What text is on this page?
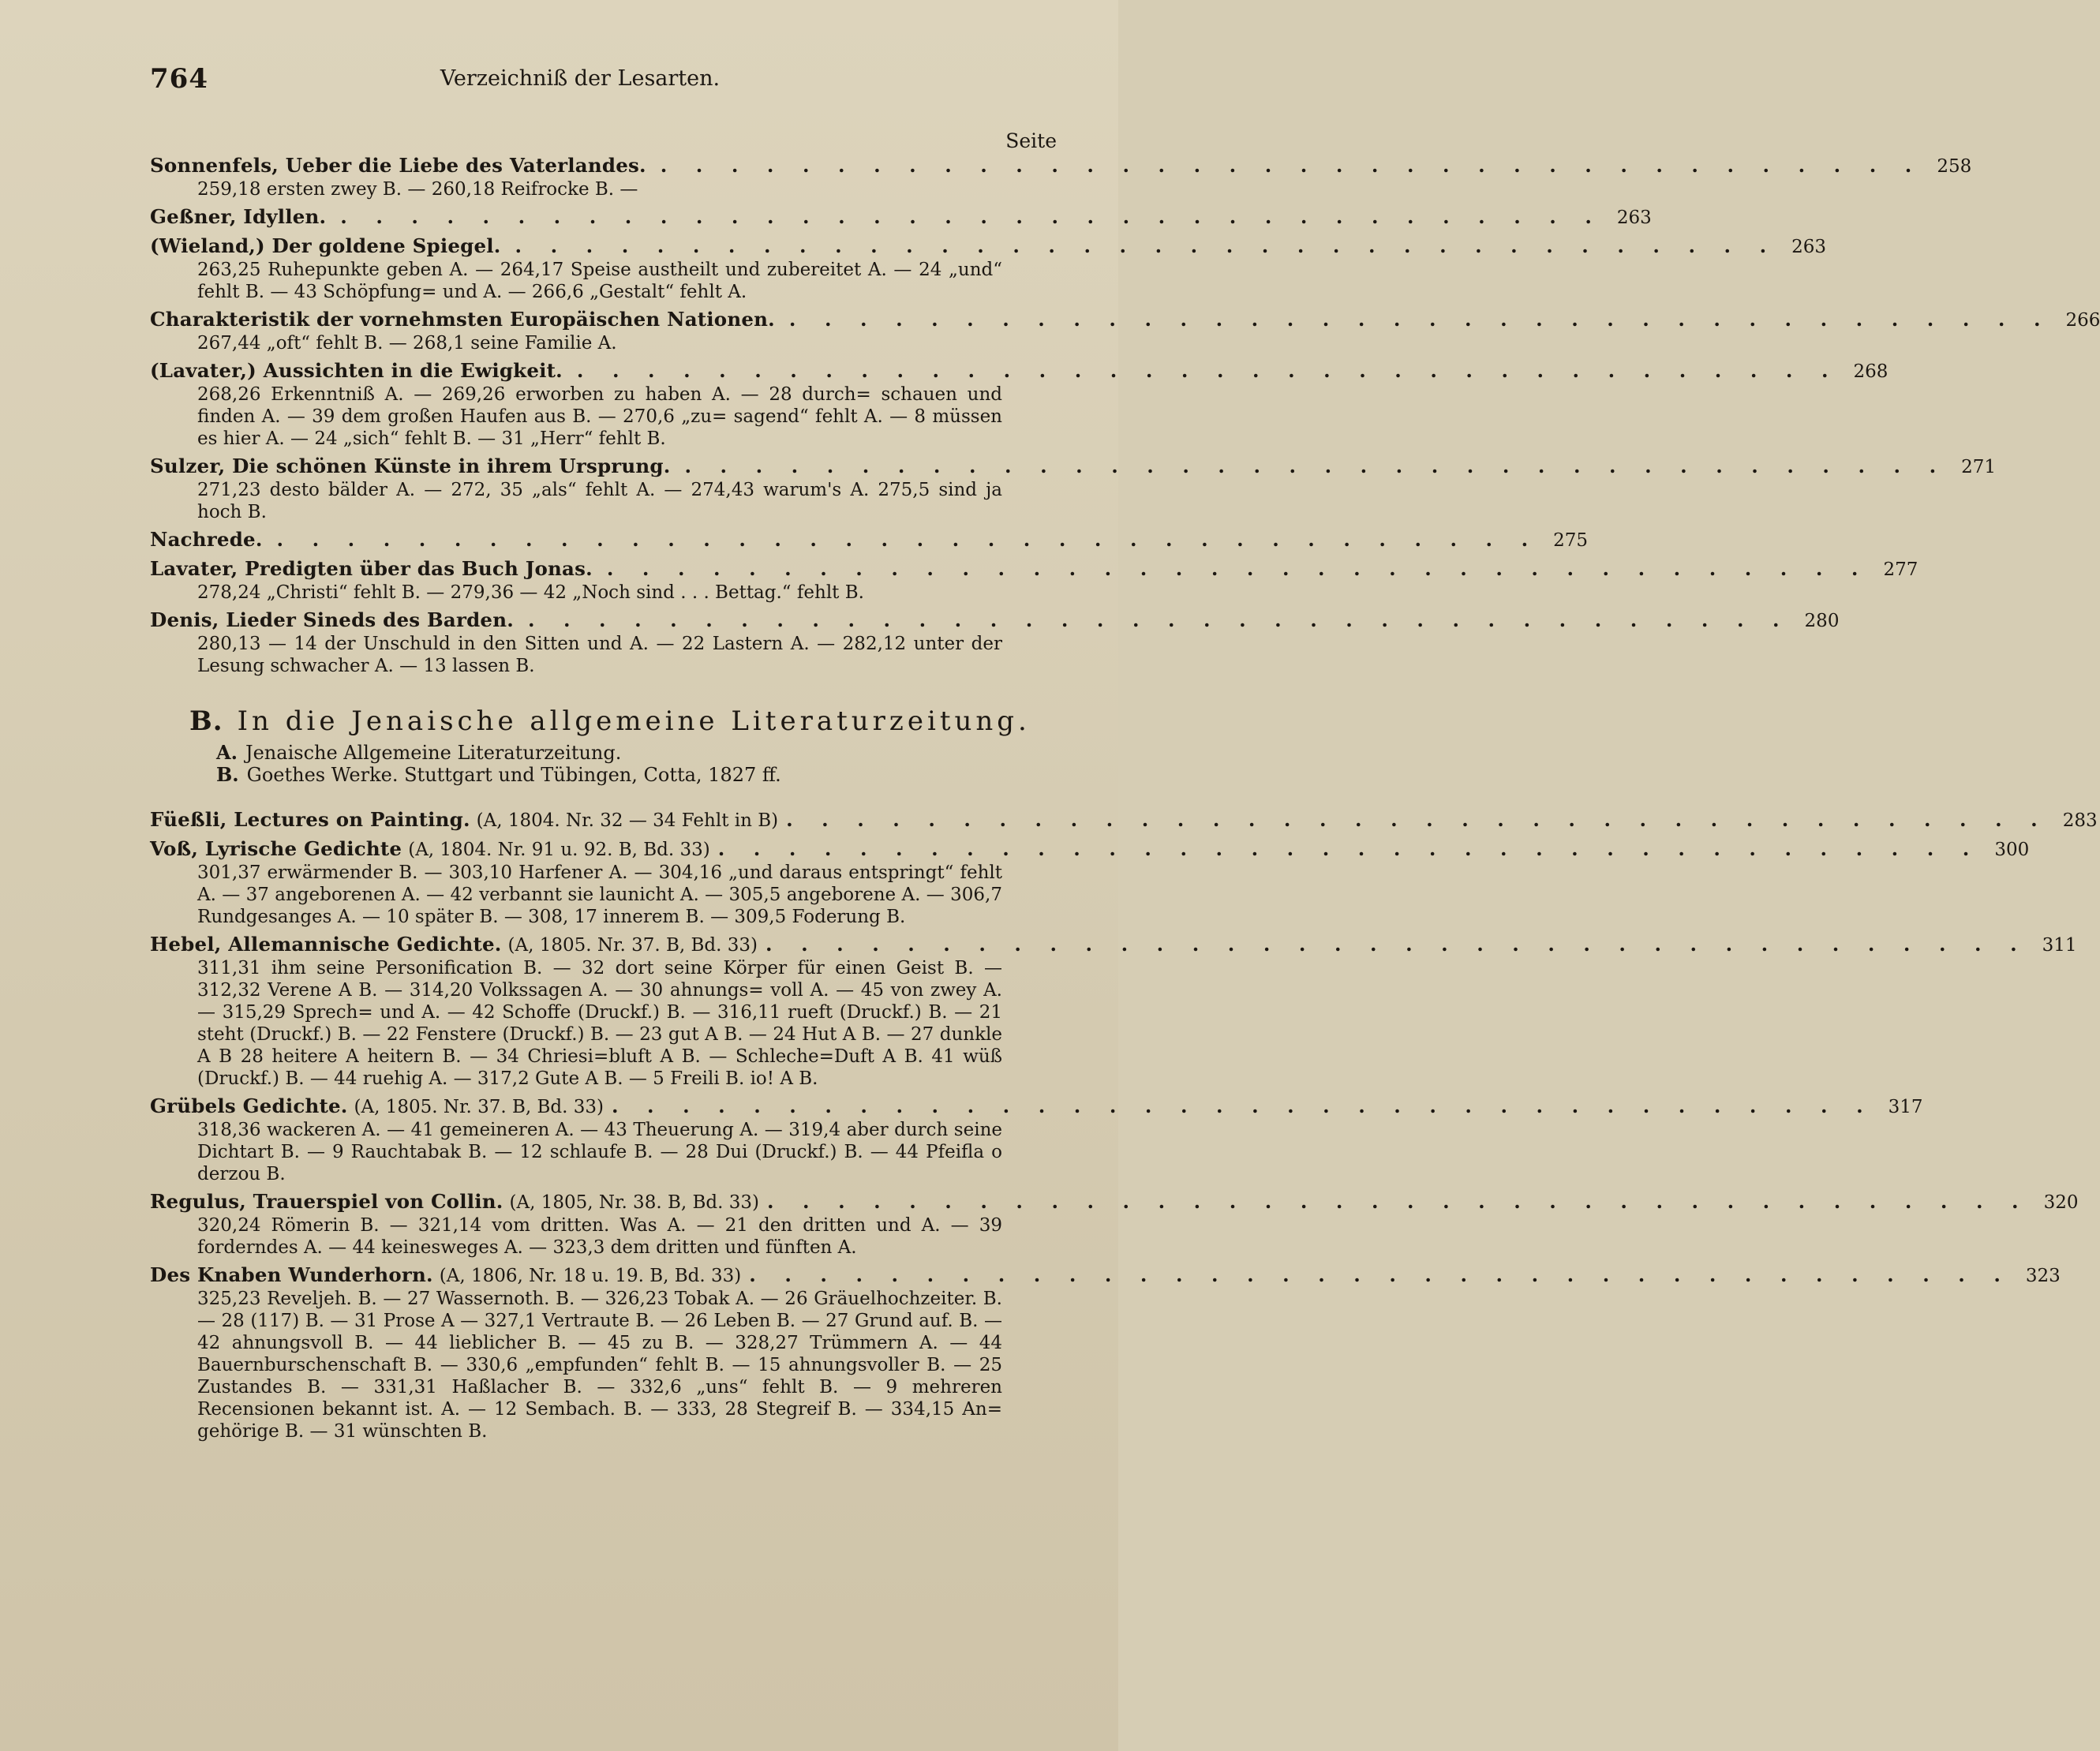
764	Verzeichniß der Lesarten.
Seite
Sonnenfels, Ueber die Liebe des Vaterlandes. . . . . . . . . . . . . . . . . . . . . . . . . . . . . . . . . . . . . 258
259,18 ersten zwey B. — 260,18 Reifrocke B. —
Geßner, Idyllen. . . . . . . . . . . . . . . . . . . . . . . . . . . . . . . . . . . . . 263
(Wieland,) Der goldene Spiegel. . . . . . . . . . . . . . . . . . . . . . . . . . . . . . . . . . . . . 263
263,25 Ruhepunkte geben A. — 264,17 Speise austheilt und zubereitet A. — 24 „und“ fehlt B. — 43 Schöpfung= und A. — 266,6 „Gestalt“ fehlt A.
Charakteristik der vornehmsten Europäischen Nationen. . . . . . . . . . . . . . . . . . . . . . . . . . . . . . . . . . . . . 266
267,44 „oft“ fehlt B. — 268,1 seine Familie A.
(Lavater,) Aussichten in die Ewigkeit. . . . . . . . . . . . . . . . . . . . . . . . . . . . . . . . . . . . . 268
268,26 Erkenntniß A. — 269,26 erworben zu haben A. — 28 durch= schauen und finden A. — 39 dem großen Haufen aus B. — 270,6 „zu= sagend“ fehlt A. — 8 müssen es hier A. — 24 „sich“ fehlt B. — 31 „Herr“ fehlt B.
Sulzer, Die schönen Künste in ihrem Ursprung. . . . . . . . . . . . . . . . . . . . . . . . . . . . . . . . . . . . . 271
271,23 desto bälder A. — 272, 35 „als“ fehlt A. — 274,43 warum's A. 275,5 sind ja hoch B.
Nachrede. . . . . . . . . . . . . . . . . . . . . . . . . . . . . . . . . . . . . 275
Lavater, Predigten über das Buch Jonas. . . . . . . . . . . . . . . . . . . . . . . . . . . . . . . . . . . . . 277
278,24 „Christi“ fehlt B. — 279,36 — 42 „Noch sind . . . Bettag.“ fehlt B.
Denis, Lieder Sineds des Barden. . . . . . . . . . . . . . . . . . . . . . . . . . . . . . . . . . . . . 280
280,13 — 14 der Unschuld in den Sitten und A. — 22 Lastern A. — 282,12 unter der Lesung schwacher A. — 13 lassen B.
B. In die Jenaische allgemeine Literaturzeitung.
A. Jenaische Allgemeine Literaturzeitung.
B. Goethes Werke. Stuttgart und Tübingen, Cotta, 1827 ff.
Füeßli, Lectures on Painting. (A, 1804. Nr. 32 — 34 Fehlt in B) . . . . . . . . . . . . . . . . . . . . . . . . . . . . . . . . . . . . 283
Voß, Lyrische Gedichte (A, 1804. Nr. 91 u. 92. B, Bd. 33) . . . . . . . . . . . . . . . . . . . . . . . . . . . . . . . . . . . . 300
301,37 erwärmender B. — 303,10 Harfener A. — 304,16 „und daraus entspringt“ fehlt A. — 37 angeborenen A. — 42 verbannt sie launicht A. — 305,5 angeborene A. — 306,7 Rundgesanges A. — 10 später B. — 308, 17 innerem B. — 309,5 Foderung B.
Hebel, Allemannische Gedichte. (A, 1805. Nr. 37. B, Bd. 33) . . . . . . . . . . . . . . . . . . . . . . . . . . . . . . . . . . . . 311
311,31 ihm seine Personification B. — 32 dort seine Körper für einen Geist B. — 312,32 Verene A B. — 314,20 Volkssagen A. — 30 ahnungs= voll A. — 45 von zwey A. — 315,29 Sprech= und A. — 42 Schoffe (Druckf.) B. — 316,11 rueft (Druckf.) B. — 21 steht (Druckf.) B. — 22 Fenstere (Druckf.) B. — 23 gut A B. — 24 Hut A B. — 27 dunkle A B 28 heitere A heitern B. — 34 Chriesi=bluft A B. — Schleche=Duft A B. 41 wüß (Druckf.) B. — 44 ruehig A. — 317,2 Gute A B. — 5 Freili B. io! A B.
Grübels Gedichte. (A, 1805. Nr. 37. B, Bd. 33) . . . . . . . . . . . . . . . . . . . . . . . . . . . . . . . . . . . . 317
318,36 wackeren A. — 41 gemeineren A. — 43 Theuerung A. — 319,4 aber durch seine Dichtart B. — 9 Rauchtabak B. — 12 schlaufe B. — 28 Dui (Druckf.) B. — 44 Pfeifla o derzou B.
Regulus, Trauerspiel von Collin. (A, 1805, Nr. 38. B, Bd. 33) . . . . . . . . . . . . . . . . . . . . . . . . . . . . . . . . . . . . 320
320,24 Römerin B. — 321,14 vom dritten. Was A. — 21 den dritten und A. — 39 forderndes A. — 44 keinesweges A. — 323,3 dem dritten und fünften A.
Des Knaben Wunderhorn. (A, 1806, Nr. 18 u. 19. B, Bd. 33) . . . . . . . . . . . . . . . . . . . . . . . . . . . . . . . . . . . . 323
325,23 Reveljeh. B. — 27 Wassernoth. B. — 326,23 Tobak A. — 26 Gräuelhochzeiter. B. — 28 (117) B. — 31 Prose A — 327,1 Vertraute B. — 26 Leben B. — 27 Grund auf. B. — 42 ahnungsvoll B. — 44 lieblicher B. — 45 zu B. — 328,27 Trümmern A. — 44 Bauernburschenschaft B. — 330,6 „empfunden“ fehlt B. — 15 ahnungsvoller B. — 25 Zustandes B. — 331,31 Haßlacher B. — 332,6 „uns“ fehlt B. — 9 mehreren Recensionen bekannt ist. A. — 12 Sembach. B. — 333, 28 Stegreif B. — 334,15 An= gehörige B. — 31 wünschten B.
